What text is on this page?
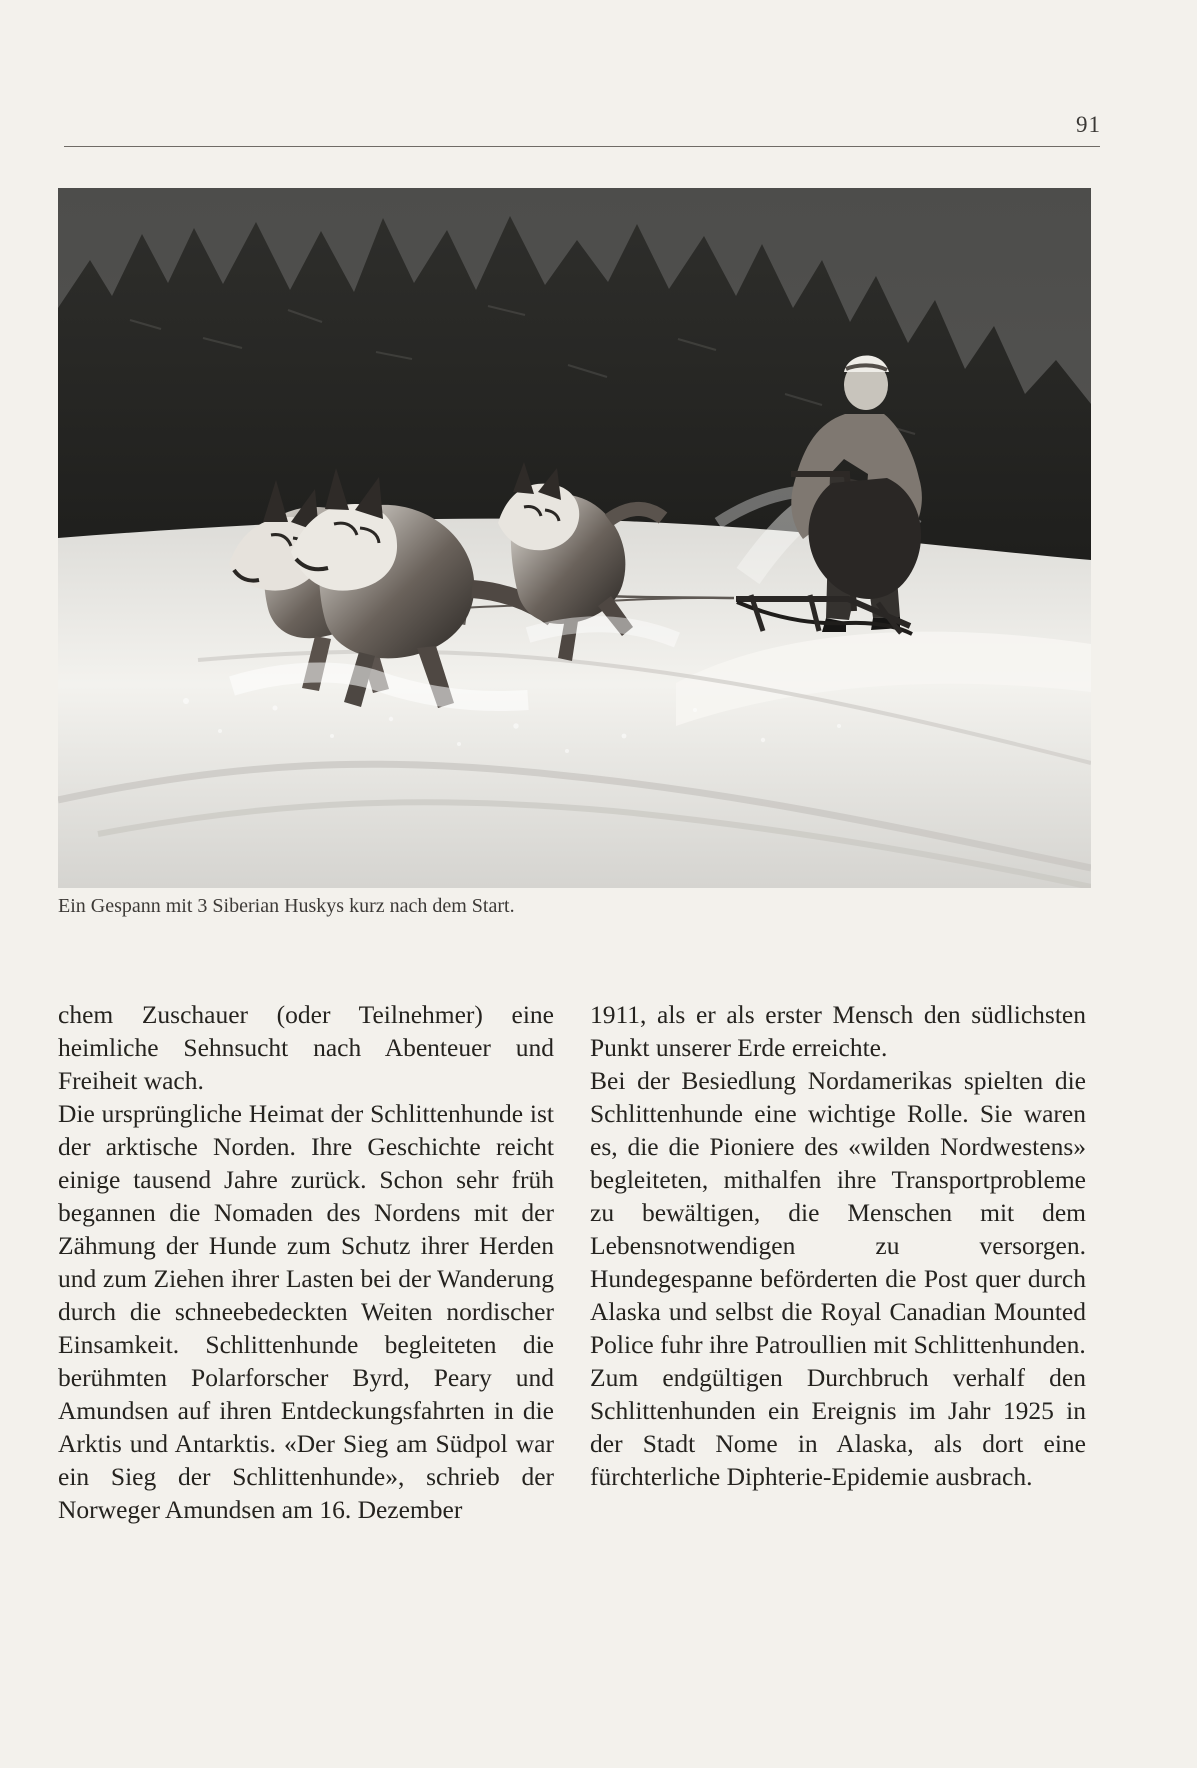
91
Ein Gespann mit 3 Siberian Huskys kurz nach dem Start.

chem Zuschauer (oder Teilnehmer) eine heimliche Sehnsucht nach Abenteuer und Freiheit wach.

Die ursprüngliche Heimat der Schlittenhunde ist der arktische Norden. Ihre Geschichte reicht einige tausend Jahre zurück. Schon sehr früh begannen die Nomaden des Nordens mit der Zähmung der Hunde zum Schutz ihrer Herden und zum Ziehen ihrer Lasten bei der Wanderung durch die schneebedeckten Weiten nordischer Einsamkeit. Schlittenhunde begleiteten die berühmten Polarforscher Byrd, Peary und Amundsen auf ihren Entdeckungsfahrten in die Arktis und Antarktis. «Der Sieg am Südpol war ein Sieg der Schlittenhunde», schrieb der Norweger Amundsen am 16. Dezember

1911, als er als erster Mensch den südlichsten Punkt unserer Erde erreichte.

Bei der Besiedlung Nordamerikas spielten die Schlittenhunde eine wichtige Rolle. Sie waren es, die die Pioniere des «wilden Nordwestens» begleiteten, mithalfen ihre Transportprobleme zu bewältigen, die Menschen mit dem Lebensnotwendigen zu versorgen. Hundegespanne beförderten die Post quer durch Alaska und selbst die Royal Canadian Mounted Police fuhr ihre Patroullien mit Schlittenhunden.

Zum endgültigen Durchbruch verhalf den Schlittenhunden ein Ereignis im Jahr 1925 in der Stadt Nome in Alaska, als dort eine fürchterliche Diphterie-Epidemie ausbrach.
